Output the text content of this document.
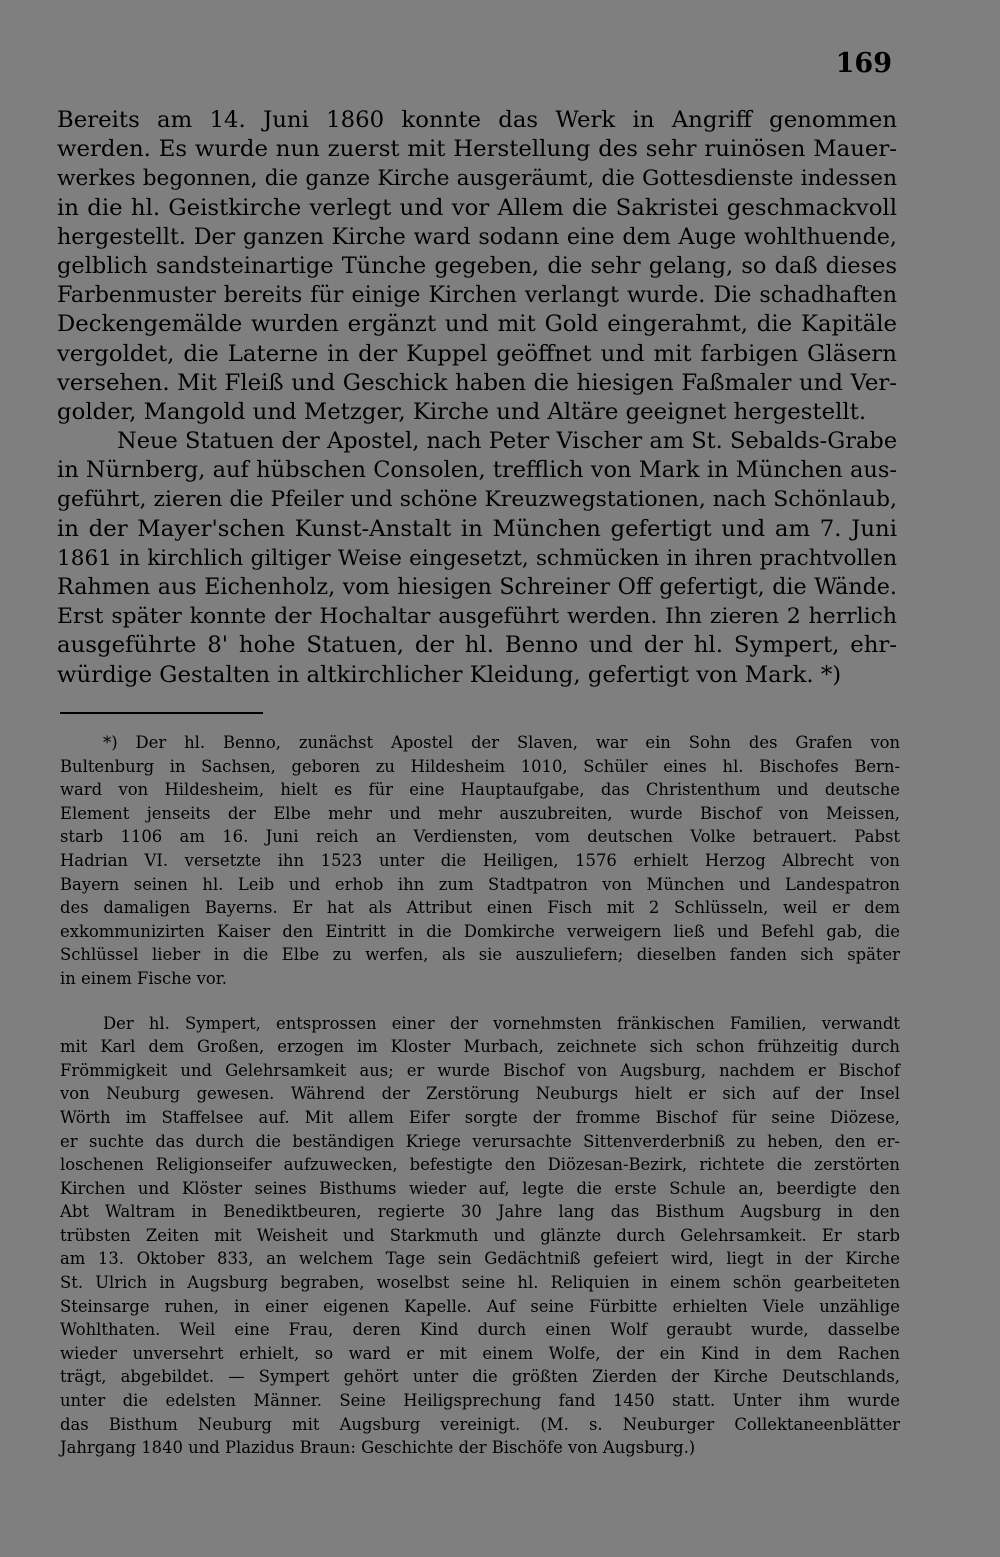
169

Bereits am 14. Juni 1860 konnte das Werk in Angriff genommen
werden. Es wurde nun zuerst mit Herstellung des sehr ruinösen Mauer-
werkes begonnen, die ganze Kirche ausgeräumt, die Gottesdienste indessen
in die hl. Geistkirche verlegt und vor Allem die Sakristei geschmackvoll
hergestellt. Der ganzen Kirche ward sodann eine dem Auge wohlthuende,
gelblich sandsteinartige Tünche gegeben, die sehr gelang, so daß dieses
Farbenmuster bereits für einige Kirchen verlangt wurde. Die schadhaften
Deckengemälde wurden ergänzt und mit Gold eingerahmt, die Kapitäle
vergoldet, die Laterne in der Kuppel geöffnet und mit farbigen Gläsern
versehen. Mit Fleiß und Geschick haben die hiesigen Faßmaler und Ver-
golder, Mangold und Metzger, Kirche und Altäre geeignet hergestellt.
Neue Statuen der Apostel, nach Peter Vischer am St. Sebalds-Grabe
in Nürnberg, auf hübschen Consolen, trefflich von Mark in München aus-
geführt, zieren die Pfeiler und schöne Kreuzwegstationen, nach Schönlaub,
in der Mayer'schen Kunst-Anstalt in München gefertigt und am 7. Juni
1861 in kirchlich giltiger Weise eingesetzt, schmücken in ihren prachtvollen
Rahmen aus Eichenholz, vom hiesigen Schreiner Off gefertigt, die Wände.
Erst später konnte der Hochaltar ausgeführt werden. Ihn zieren 2 herrlich
ausgeführte 8' hohe Statuen, der hl. Benno und der hl. Sympert, ehr-
würdige Gestalten in altkirchlicher Kleidung, gefertigt von Mark. *)
*) Der hl. Benno, zunächst Apostel der Slaven, war ein Sohn des Grafen von
Bultenburg in Sachsen, geboren zu Hildesheim 1010, Schüler eines hl. Bischofes Bern-
ward von Hildesheim, hielt es für eine Hauptaufgabe, das Christenthum und deutsche
Element jenseits der Elbe mehr und mehr auszubreiten, wurde Bischof von Meissen,
starb 1106 am 16. Juni reich an Verdiensten, vom deutschen Volke betrauert. Pabst
Hadrian VI. versetzte ihn 1523 unter die Heiligen, 1576 erhielt Herzog Albrecht von
Bayern seinen hl. Leib und erhob ihn zum Stadtpatron von München und Landespatron
des damaligen Bayerns. Er hat als Attribut einen Fisch mit 2 Schlüsseln, weil er dem
exkommunizirten Kaiser den Eintritt in die Domkirche verweigern ließ und Befehl gab, die
Schlüssel lieber in die Elbe zu werfen, als sie auszuliefern; dieselben fanden sich später
in einem Fische vor.
Der hl. Sympert, entsprossen einer der vornehmsten fränkischen Familien, verwandt
mit Karl dem Großen, erzogen im Kloster Murbach, zeichnete sich schon frühzeitig durch
Frömmigkeit und Gelehrsamkeit aus; er wurde Bischof von Augsburg, nachdem er Bischof
von Neuburg gewesen. Während der Zerstörung Neuburgs hielt er sich auf der Insel
Wörth im Staffelsee auf. Mit allem Eifer sorgte der fromme Bischof für seine Diözese,
er suchte das durch die beständigen Kriege verursachte Sittenverderbniß zu heben, den er-
loschenen Religionseifer aufzuwecken, befestigte den Diözesan-Bezirk, richtete die zerstörten
Kirchen und Klöster seines Bisthums wieder auf, legte die erste Schule an, beerdigte den
Abt Waltram in Benediktbeuren, regierte 30 Jahre lang das Bisthum Augsburg in den
trübsten Zeiten mit Weisheit und Starkmuth und glänzte durch Gelehrsamkeit. Er starb
am 13. Oktober 833, an welchem Tage sein Gedächtniß gefeiert wird, liegt in der Kirche
St. Ulrich in Augsburg begraben, woselbst seine hl. Reliquien in einem schön gearbeiteten
Steinsarge ruhen, in einer eigenen Kapelle. Auf seine Fürbitte erhielten Viele unzählige
Wohlthaten. Weil eine Frau, deren Kind durch einen Wolf geraubt wurde, dasselbe
wieder unversehrt erhielt, so ward er mit einem Wolfe, der ein Kind in dem Rachen
trägt, abgebildet. — Sympert gehört unter die größten Zierden der Kirche Deutschlands,
unter die edelsten Männer. Seine Heiligsprechung fand 1450 statt. Unter ihm wurde
das Bisthum Neuburg mit Augsburg vereinigt. (M. s. Neuburger Collektaneenblätter
Jahrgang 1840 und Plazidus Braun: Geschichte der Bischöfe von Augsburg.)
